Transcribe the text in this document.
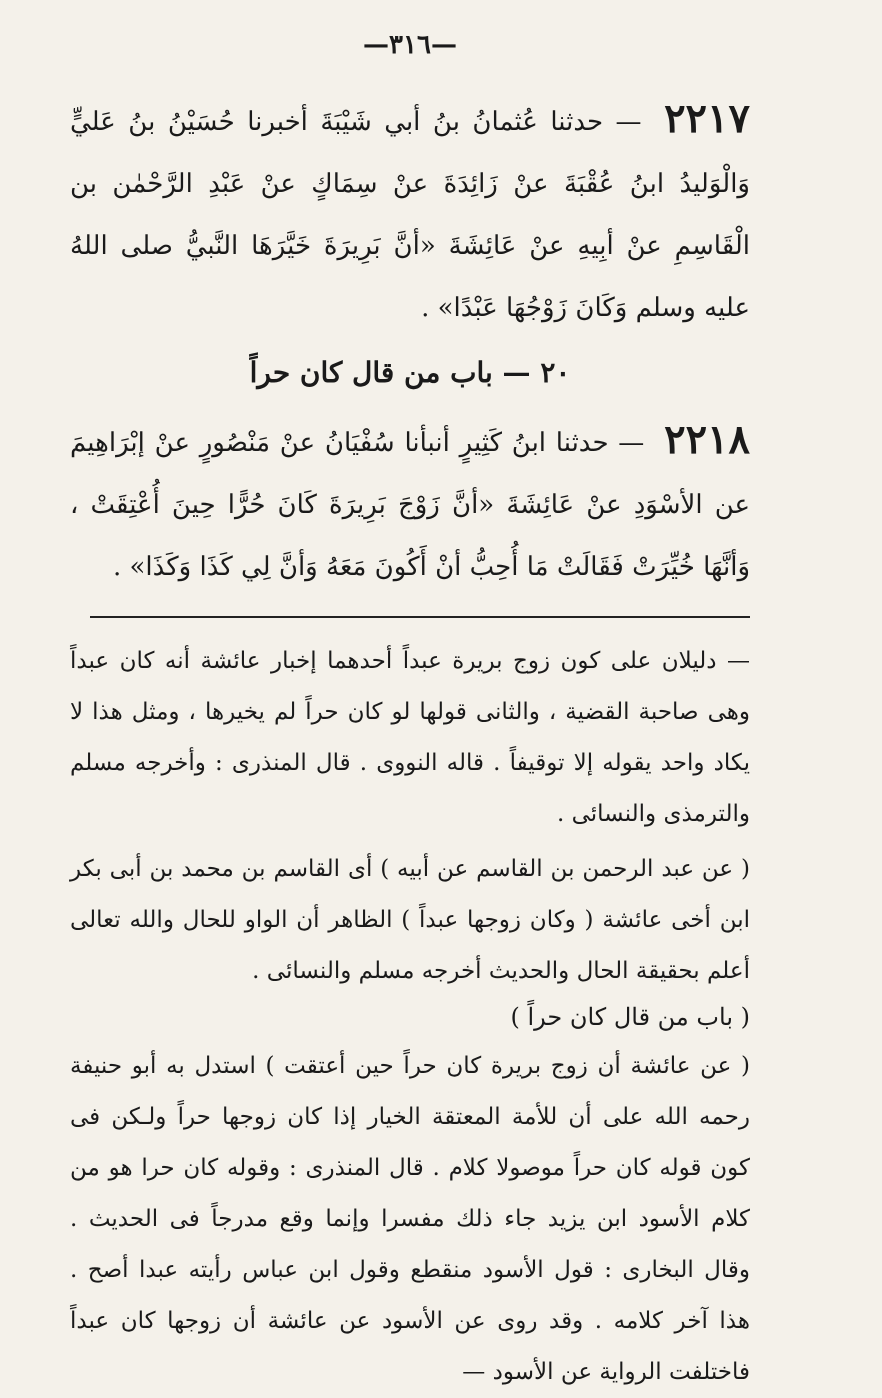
—٣١٦—

٢٢١٧ — حدثنا عُثمانُ بنُ أبي شَيْبَةَ أخبرنا حُسَيْنُ بنُ عَليٍّ وَالْوَليدُ ابنُ عُقْبَةَ عنْ زَائِدَةَ عنْ سِمَاكٍ عنْ عَبْدِ الرَّحْمٰن بن الْقَاسِمِ عنْ أبِيهِ عنْ عَائِشَةَ «أنَّ بَرِيرَةَ خَيَّرَهَا النَّبيُّ صلى اللهُ عليه وسلم وَكَانَ زَوْجُهَا عَبْدًا» .

٢٠ — باب من قال كان حراً

٢٢١٨ — حدثنا ابنُ كَثِيرٍ أنبأنا سُفْيَانُ عنْ مَنْصُورٍ عنْ إبْرَاهِيمَ عن الأسْوَدِ عنْ عَائِشَةَ «أنَّ زَوْجَ بَرِيرَةَ كَانَ حُرًّا حِينَ أُعْتِقَتْ ، وَأنَّهَا خُيِّرَتْ فَقَالَتْ مَا أُحِبُّ أنْ أَكُونَ مَعَهُ وَأنَّ لِي كَذَا وَكَذَا» .

— دليلان على كون زوج بريرة عبداً أحدهما إخبار عائشة أنه كان عبداً وهى صاحبة القضية ، والثانى قولها لو كان حراً لم يخيرها ، ومثل هذا لا يكاد واحد يقوله إلا توقيفاً . قاله النووى . قال المنذرى : وأخرجه مسلم والترمذى والنسائى .

( عن عبد الرحمن بن القاسم عن أبيه ) أى القاسم بن محمد بن أبى بكر ابن أخى عائشة ( وكان زوجها عبداً ) الظاهر أن الواو للحال والله تعالى أعلم بحقيقة الحال والحديث أخرجه مسلم والنسائى .

( باب من قال كان حراً )

( عن عائشة أن زوج بريرة كان حراً حين أعتقت ) استدل به أبو حنيفة رحمه الله على أن للأمة المعتقة الخيار إذا كان زوجها حراً ولـكن فى كون قوله كان حراً موصولا كلام . قال المنذرى : وقوله كان حرا هو من كلام الأسود ابن يزيد جاء ذلك مفسرا وإنما وقع مدرجاً فى الحديث . وقال البخارى : قول الأسود منقطع وقول ابن عباس رأيته عبدا أصح . هذا آخر كلامه . وقد روى عن الأسود عن عائشة أن زوجها كان عبداً فاختلفت الرواية عن الأسود —
